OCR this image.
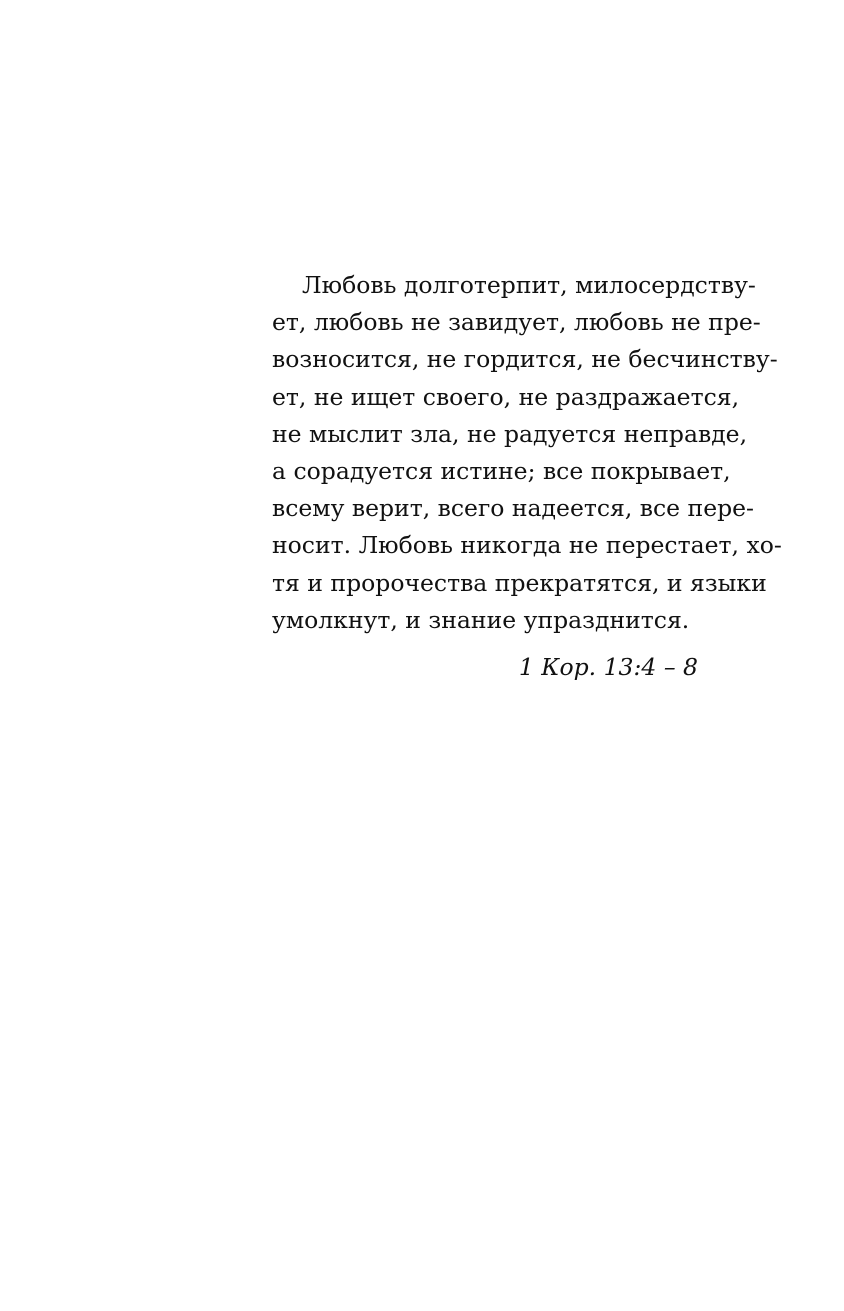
Любовь долготерпит, милосердству-
ет, любовь не завидует, любовь не пре-
возносится, не гордится, не бесчинству-
ет, не ищет своего, не раздражается,
не мыслит зла, не радуется неправде,
а сорадуется истине; все покрывает,
всему верит, всего надеется, все пере-
носит. Любовь никогда не перестает, хо-
тя и пророчества прекратятся, и языки
умолкнут, и знание упразднится.
1 Кор. 13:4 – 8
